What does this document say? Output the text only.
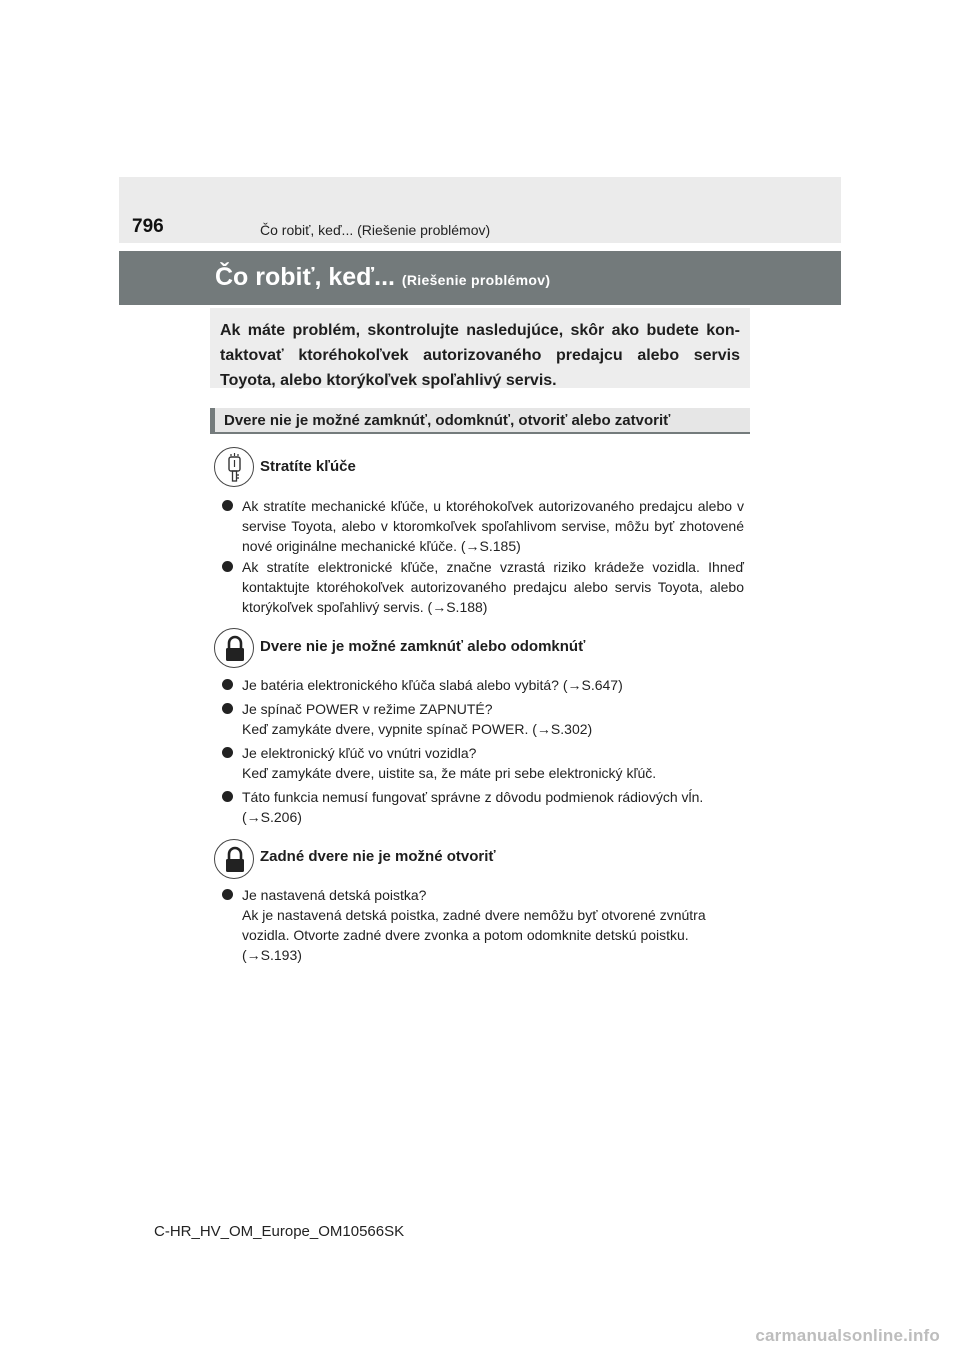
796	Čo robiť, keď... (Riešenie problémov)
Čo robiť, keď... (Riešenie problémov)
Ak máte problém, skontrolujte nasledujúce, skôr ako budete kon-taktovať ktoréhokoľvek autorizovaného predajcu alebo servis Toyota, alebo ktorýkoľvek spoľahlivý servis.
Dvere nie je možné zamknúť, odomknúť, otvoriť alebo zatvoriť
Stratíte kľúče
Ak stratíte mechanické kľúče, u ktoréhokoľvek autorizovaného predajcu alebo v servise Toyota, alebo v ktoromkoľvek spoľahlivom servise, môžu byť zhotovené nové originálne mechanické kľúče. (→S.185)
Ak stratíte elektronické kľúče, značne vzrastá riziko krádeže vozidla. Ihneď kontaktujte ktoréhokoľvek autorizovaného predajcu alebo servis Toyota, alebo ktorýkoľvek spoľahlivý servis. (→S.188)
Dvere nie je možné zamknúť alebo odomknúť
Je batéria elektronického kľúča slabá alebo vybitá? (→S.647)
Je spínač POWER v režime ZAPNUTÉ?
Keď zamykáte dvere, vypnite spínač POWER. (→S.302)
Je elektronický kľúč vo vnútri vozidla?
Keď zamykáte dvere, uistite sa, že máte pri sebe elektronický kľúč.
Táto funkcia nemusí fungovať správne z dôvodu podmienok rádiových vĺn.
(→S.206)
Zadné dvere nie je možné otvoriť
Je nastavená detská poistka?
Ak je nastavená detská poistka, zadné dvere nemôžu byť otvorené zvnútra vozidla. Otvorte zadné dvere zvonka a potom odomknite detskú poistku.
(→S.193)
C-HR_HV_OM_Europe_OM10566SK
carmanualsonline.info
